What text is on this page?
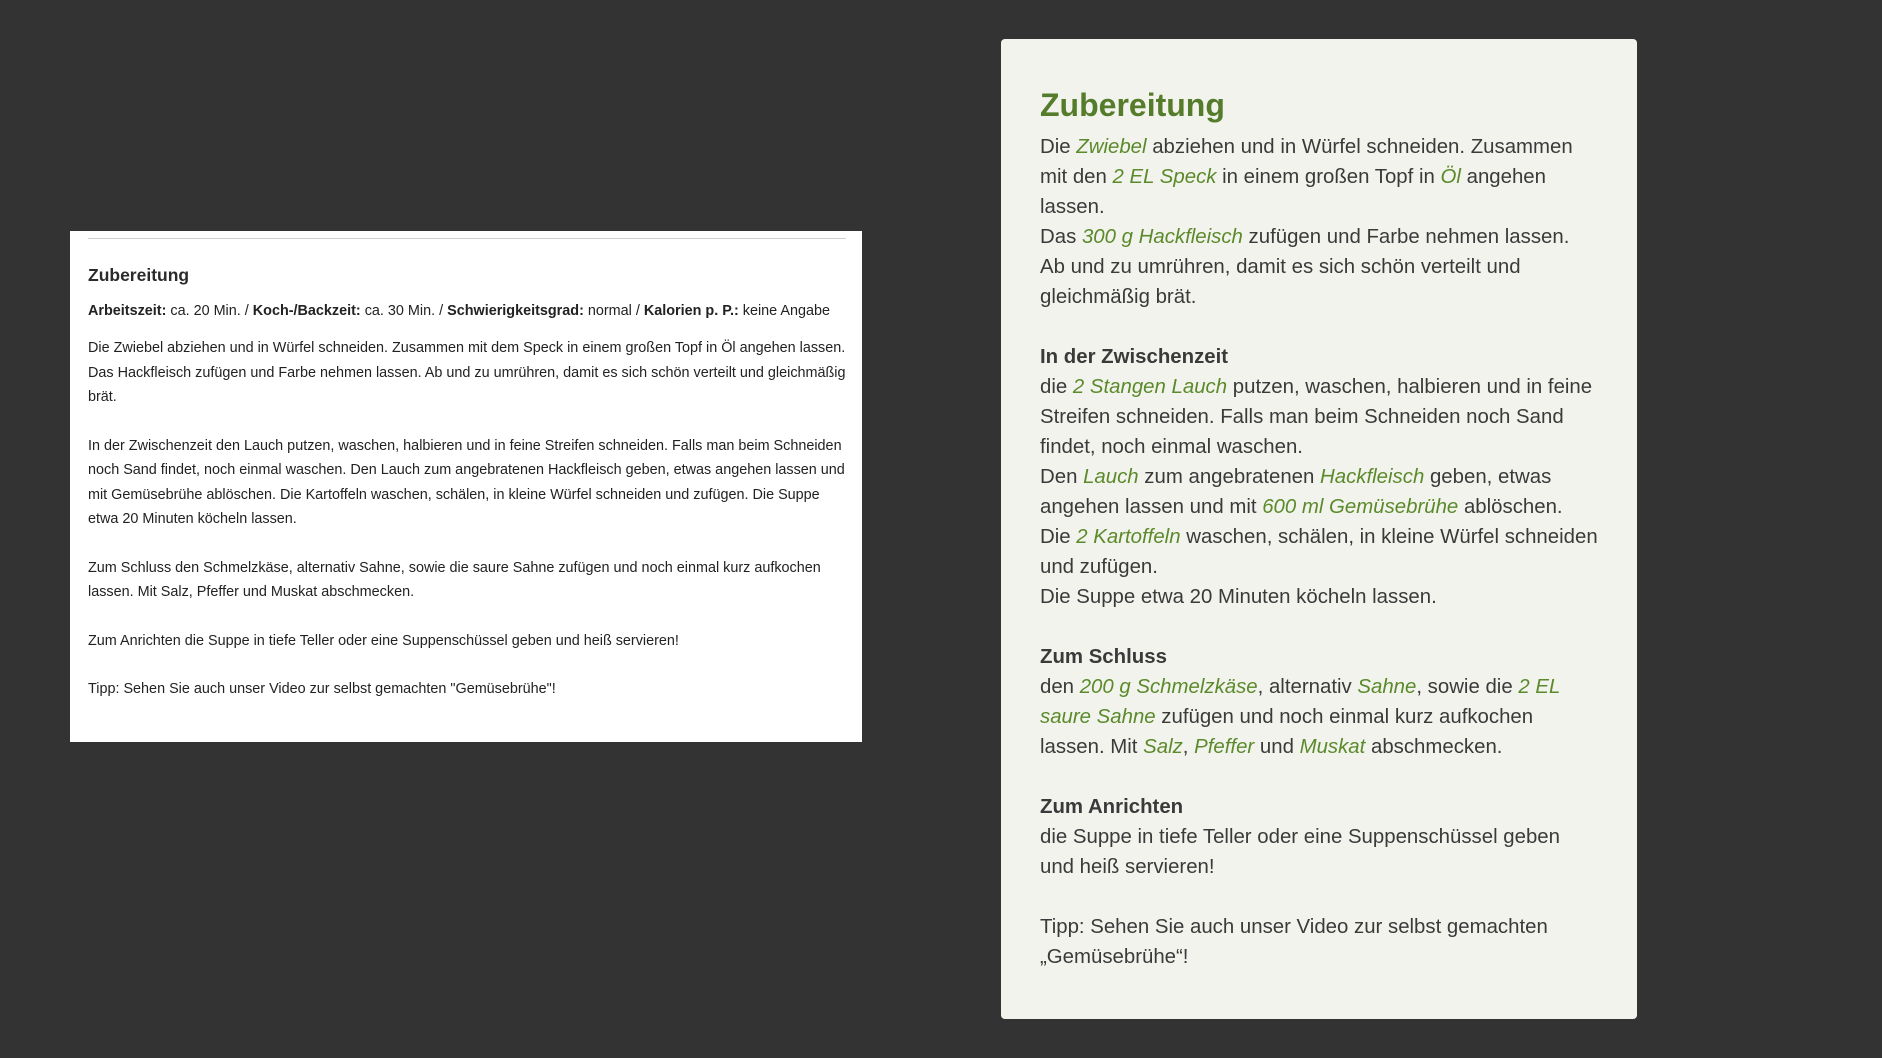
Zubereitung
Arbeitszeit: ca. 20 Min. / Koch-/Backzeit: ca. 30 Min. / Schwierigkeitsgrad: normal / Kalorien p. P.: keine Angabe

Die Zwiebel abziehen und in Würfel schneiden. Zusammen mit dem Speck in einem großen Topf in Öl angehen lassen. Das Hackfleisch zufügen und Farbe nehmen lassen. Ab und zu umrühren, damit es sich schön verteilt und gleichmäßig brät.

In der Zwischenzeit den Lauch putzen, waschen, halbieren und in feine Streifen schneiden. Falls man beim Schneiden noch Sand findet, noch einmal waschen. Den Lauch zum angebratenen Hackfleisch geben, etwas angehen lassen und mit Gemüsebrühe ablöschen. Die Kartoffeln waschen, schälen, in kleine Würfel schneiden und zufügen. Die Suppe etwa 20 Minuten köcheln lassen.

Zum Schluss den Schmelzkäse, alternativ Sahne, sowie die saure Sahne zufügen und noch einmal kurz aufkochen lassen. Mit Salz, Pfeffer und Muskat abschmecken.

Zum Anrichten die Suppe in tiefe Teller oder eine Suppenschüssel geben und heiß servieren!

Tipp: Sehen Sie auch unser Video zur selbst gemachten "Gemüsebrühe"!

Zubereitung
Die Zwiebel abziehen und in Würfel schneiden. Zusammen mit den 2 EL Speck in einem großen Topf in Öl angehen lassen.
Das 300 g Hackfleisch zufügen und Farbe nehmen lassen.
Ab und zu umrühren, damit es sich schön verteilt und gleichmäßig brät.
In der Zwischenzeit
die 2 Stangen Lauch putzen, waschen, halbieren und in feine Streifen schneiden. Falls man beim Schneiden noch Sand findet, noch einmal waschen.
Den Lauch zum angebratenen Hackfleisch geben, etwas angehen lassen und mit 600 ml Gemüsebrühe ablöschen.
Die 2 Kartoffeln waschen, schälen, in kleine Würfel schneiden und zufügen.
Die Suppe etwa 20 Minuten köcheln lassen.
Zum Schluss
den 200 g Schmelzkäse, alternativ Sahne, sowie die 2 EL saure Sahne zufügen und noch einmal kurz aufkochen lassen. Mit Salz, Pfeffer und Muskat abschmecken.
Zum Anrichten
die Suppe in tiefe Teller oder eine Suppenschüssel geben und heiß servieren!
Tipp: Sehen Sie auch unser Video zur selbst gemachten „Gemüsebrühe“!
